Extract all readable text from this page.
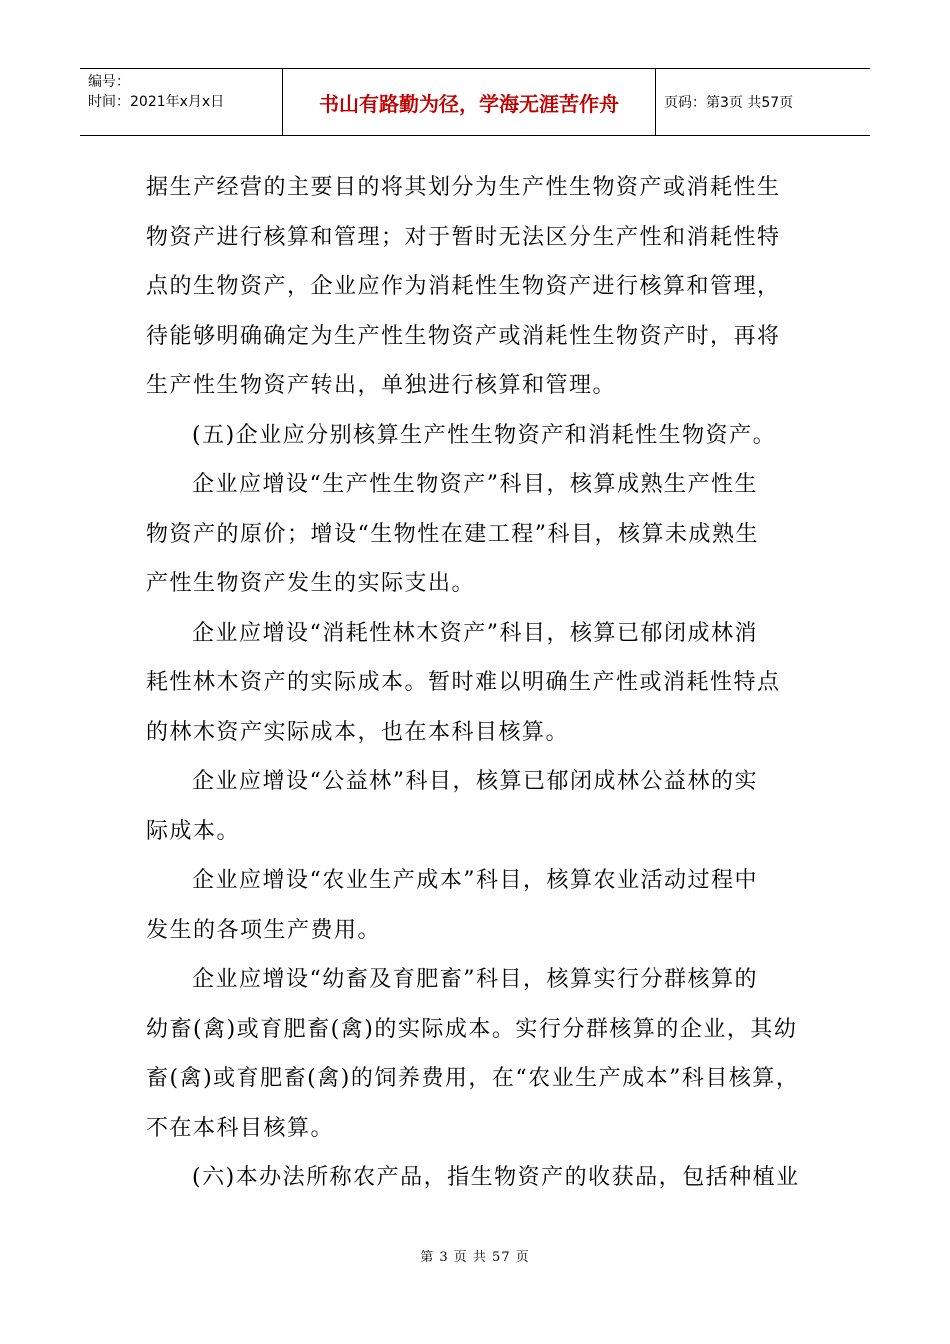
编号：
时间：2021年x月x日	书山有路勤为径，学海无涯苦作舟	页码：第3页 共57页
据生产经营的主要目的将其划分为生产性生物资产或消耗性生
物资产进行核算和管理；对于暂时无法区分生产性和消耗性特
点的生物资产，企业应作为消耗性生物资产进行核算和管理，
待能够明确确定为生产性生物资产或消耗性生物资产时，再将
生产性生物资产转出，单独进行核算和管理。
(五)企业应分别核算生产性生物资产和消耗性生物资产。
企业应增设“生产性生物资产”科目，核算成熟生产性生
物资产的原价；增设“生物性在建工程”科目，核算未成熟生
产性生物资产发生的实际支出。
企业应增设“消耗性林木资产”科目，核算已郁闭成林消
耗性林木资产的实际成本。暂时难以明确生产性或消耗性特点
的林木资产实际成本，也在本科目核算。
企业应增设“公益林”科目，核算已郁闭成林公益林的实
际成本。
企业应增设“农业生产成本”科目，核算农业活动过程中
发生的各项生产费用。
企业应增设“幼畜及育肥畜”科目，核算实行分群核算的
幼畜(禽)或育肥畜(禽)的实际成本。实行分群核算的企业，其幼
畜(禽)或育肥畜(禽)的饲养费用，在“农业生产成本”科目核算，
不在本科目核算。
(六)本办法所称农产品，指生物资产的收获品，包括种植业
第 3 页 共 57 页
